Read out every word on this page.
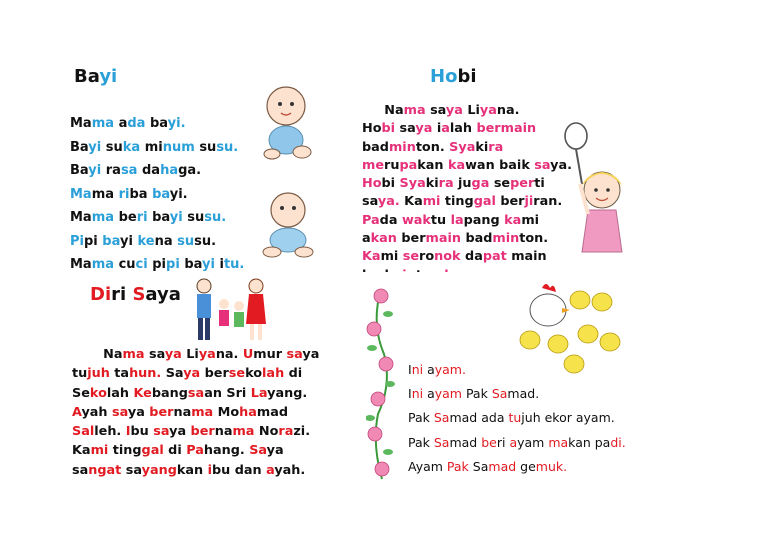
Bayi
Mama ada bayi.
Bayi suka minum susu.
Bayi rasa dahaga.
Mama riba bayi.
Mama beri bayi susu.
Pipi bayi kena susu.
Mama cuci pipi bayi itu.
Hobi
Nama saya Liyana.
Hobi saya ialah bermain
badminton. Syakira
merupakan kawan baik saya.
Hobi Syakira juga seperti
saya. Kami tinggal berjiran.
Pada waktu lapang kami
akan bermain badminton.
Kami seronok dapat main
Diri Saya
Nama saya Liyana. Umur saya
tujuh tahun. Saya bersekolah di
Sekolah Kebangsaan Sri Layang.
Ayah saya bernama Mohamad
Salleh. Ibu saya bernama Norazi.
Kami tinggal di Pahang. Saya
sangat sayangkan ibu dan ayah.
Ini ayam.
Ini ayam Pak Samad.
Pak Samad ada tujuh ekor ayam.
Pak Samad beri ayam makan padi.
Ayam Pak Samad gemuk.
